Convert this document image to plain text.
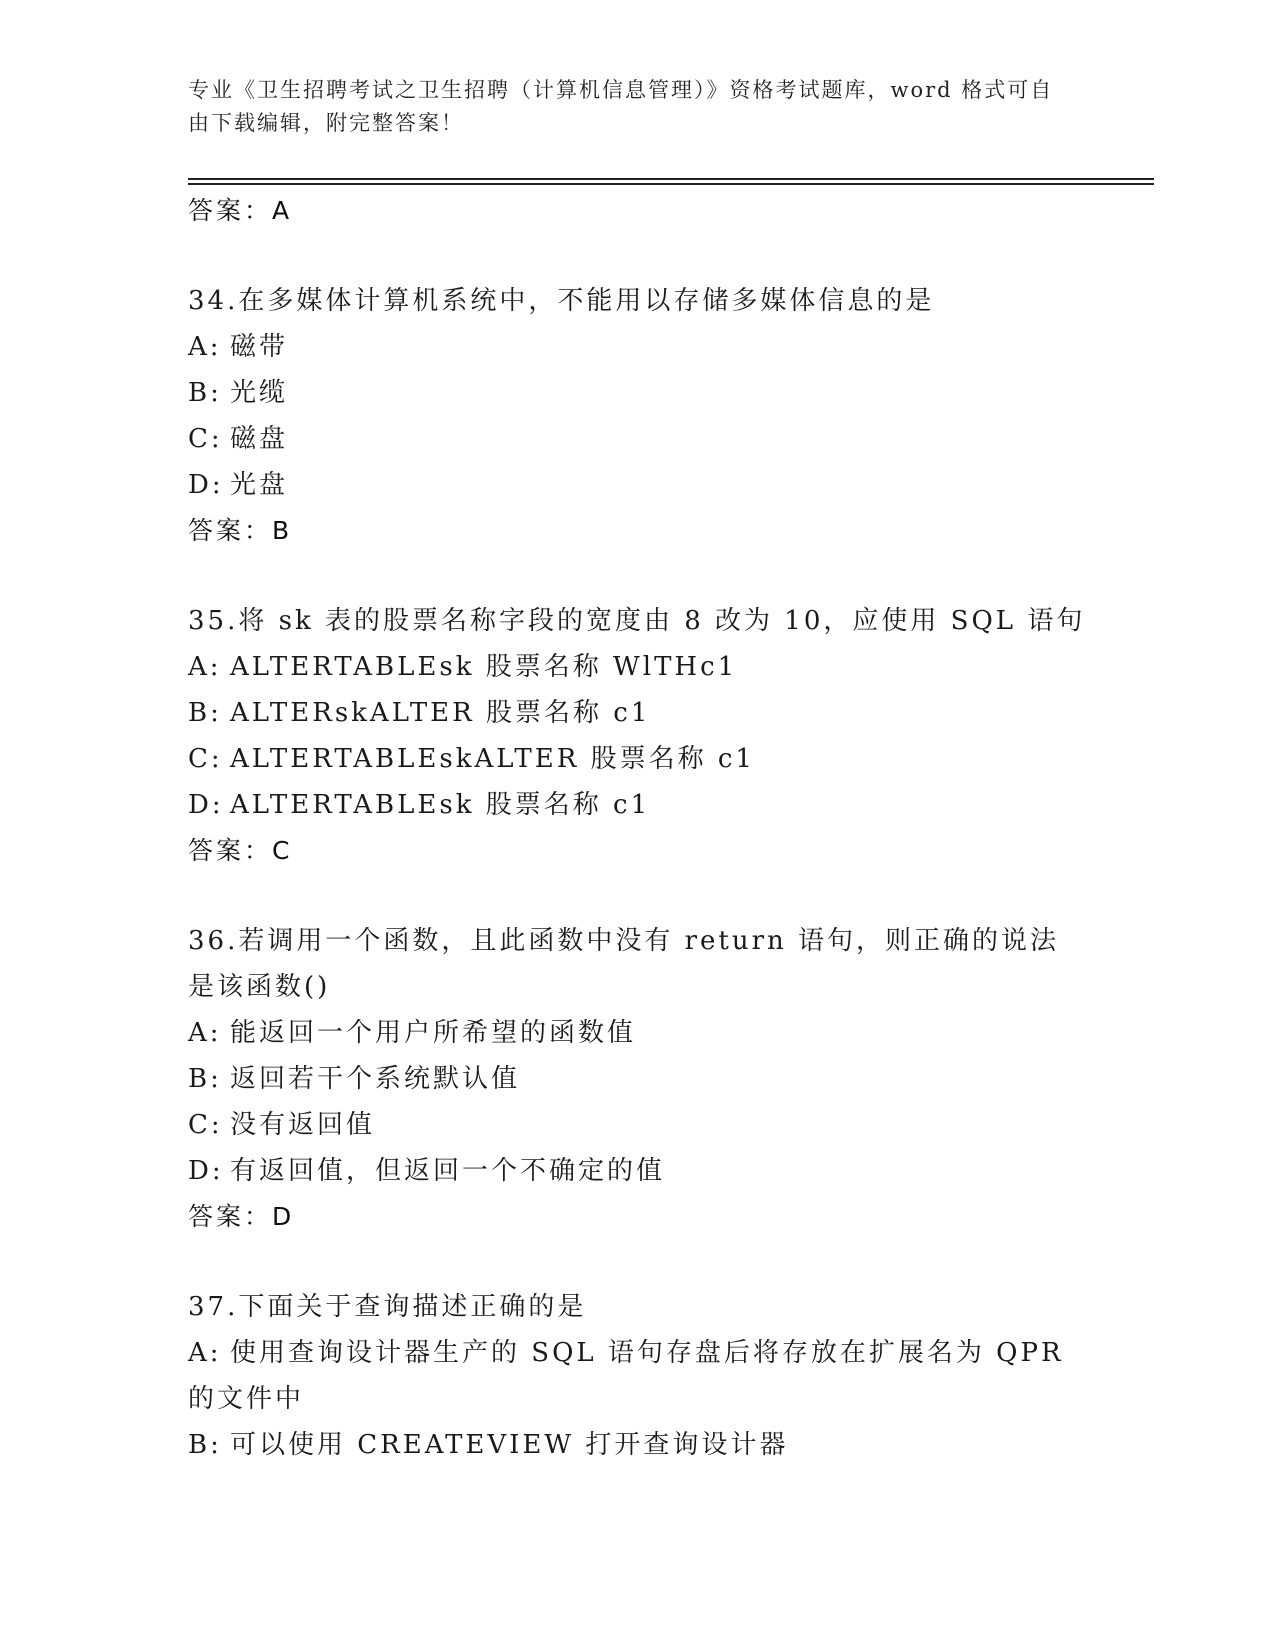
专业《卫生招聘考试之卫生招聘（计算机信息管理）》资格考试题库，word 格式可自由下载编辑，附完整答案！
答案：A
34.在多媒体计算机系统中，不能用以存储多媒体信息的是
A: 磁带
B: 光缆
C: 磁盘
D: 光盘
答案：B
35.将 sk 表的股票名称字段的宽度由 8 改为 10，应使用 SQL 语句
A: ALTERTABLEsk 股票名称 WlTHc1
B: ALTERskALTER 股票名称 c1
C: ALTERTABLEskALTER 股票名称 c1
D: ALTERTABLEsk 股票名称 c1
答案：C
36.若调用一个函数，且此函数中没有 return 语句，则正确的说法是该函数()
A: 能返回一个用户所希望的函数值
B: 返回若干个系统默认值
C: 没有返回值
D: 有返回值，但返回一个不确定的值
答案：D
37.下面关于查询描述正确的是
A: 使用查询设计器生产的 SQL 语句存盘后将存放在扩展名为 QPR 的文件中
B: 可以使用 CREATEVIEW 打开查询设计器
